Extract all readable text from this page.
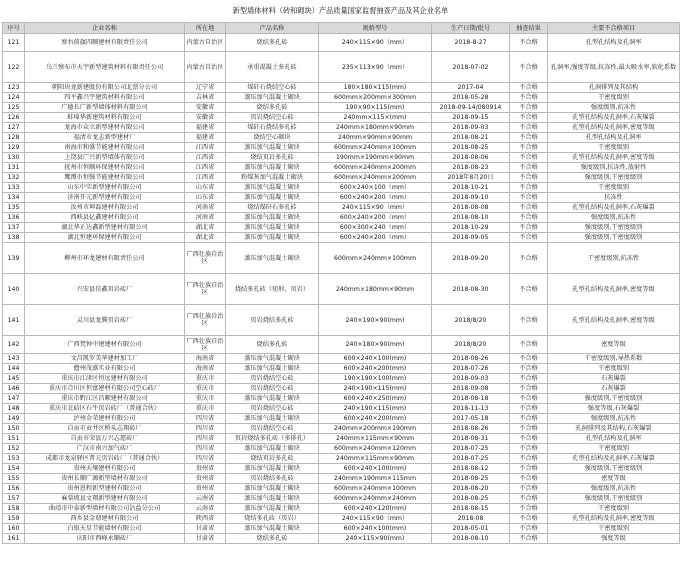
新型墙体材料（砖和砌块）产品质量国家监督抽查产品及其企业名单
序号	企业名称	所在地	产品名称	规格型号	生产日期/批号	抽查结果	主要不合格项目
121	察右前旗四顺建材有限责任公司	内蒙古自治区	烧结多孔砖	240×115×90（mm）	2018-8-27	不合格	孔型孔结构及孔洞率
122	乌兰察布市天宇新型建筑材料有限责任公司	内蒙古自治区	承重混凝土多孔砖	235×113×90（mm）	2018-07-02	不合格	孔洞率,强度等级,抗冻性,最大吸水率,软化系数
123	朝阳块龙新建股份有限公司北票分公司	辽宁省	煤矸石烧结空心砖	180×180×115(mm)	2017-04	不合格	孔洞排列及其结构
124	四平鑫兴宇建筑材料有限公司	吉林省	蒸压加气混凝土砌块	600mm×200mm×300mm	2018-05-28	不合格	干密度级别
125	广德长广新型墙体材料有限公司	安徽省	烧结多孔砖	190×90×115(mm)	2018-09-14/080914	不合格	强度级别,抗冻性
126	蚌埠华新建筑材料有限公司	安徽省	页岩烧结空心砖	240mm×115×(mm)	2018-09-15	不合格	孔型孔结构及孔洞率,石灰爆裂
127	龙海市众立新型建材有限公司	福建省	煤矸石烧结多孔砖	240mm×180mm×90mm	2018-09-03	不合格	孔型孔结构及孔洞率,密度等级
128	福清市龙志新型建材厂	福建省	烧结空心砌块	240mm×90mm×90mm	2018-08-21	不合格	孔型孔结构及孔洞率
129	南海市和盛节能建材有限公司	江西省	蒸压加气混凝土砌块	600mm×240mm×100mm	2018-08-25	不合格	干密度级别
130	上饶县广兴新型墙体有限公司	江西省	烧结页岩多孔砖	190mm×190mm×90mm	2018-08-06	不合格	孔型孔结构及孔洞率,密度等级
131	抚州市恒顺环保建材有限公司	江西省	蒸压加气混凝土砌块	600mm×240mm×200mm	2018-08-23	不合格	强度级别,抗冻性,放射性
132	鹰潭市恒强节能建材有限公司	江西省	粉煤灰加气混凝土砌块	600mm×240mm×200mm	2018年8月20日	不合格	强度级别,干密度级别
133	山东中实新型建材有限公司	山东省	蒸压加气混凝土砌块	600×240×100（mm）	2018-10-21	不合格	干密度级别
134	济南开元新型建材有限公司	山东省	蒸压加气混凝土砌块	600×240×200（mm）	2018-09-10	不合格	抗冻性
135	汝州市坤磊建材有限公司	河南省	烧结煤矸石多孔砖	240×115×90（mm）	2018-08-08	不合格	孔型孔结构及孔洞率,石灰爆裂
136	西峡县亿鑫建材有限公司	河南省	蒸压加气混凝土砌块	600×240×200（mm）	2018-08-10	不合格	强度级别,抗冻性
137	湖北华正达鑫新型建材有限公司	湖北省	蒸压加气混凝土砌块	600×300×240（mm）	2018-10-29	不合格	强度级别,干密度级别
138	湖北恒建环保建材有限公司	湖北省	蒸压加气混凝土砌块	600×240×200（mm）	2018-09-05	不合格	强度级别,干密度级别
139	柳州市环龙建材有限责任公司	广西壮族自治区	蒸压加气混凝土砌块	600mm×240mm×100mm	2018-09-20	不合格	干密度级别,抗冻性
140	兴安县佳鑫页岩砖厂	广西壮族自治区	烧结多孔砖（矩形、页岩）	240mm×180mm×90mm	2018-08-30	不合格	孔型孔结构及孔洞率,密度等级
141	灵川县龙腾页岩砖厂	广西壮族自治区	页岩烧结多孔砖	240×190×90(mm)	2018/8/20	不合格	孔型孔结构及孔洞率,密度等级
142	广西梵钟中建建材有限公司	广西壮族自治区	烧结多孔砖	240×180×90(mm)	2018/8/20	不合格	密度等级
143	文昌凯罗美华建材加工厂	海南省	蒸压加气混凝土砌块	600×240×100(mm)	2018-08-26	不合格	干密度级别,导热系数
144	儋州茂盛实业有限公司	海南省	蒸压加气混凝土砌块	600×240×200(mm)	2018-07-26	不合格	干密度级别
145	重庆市江津区恒远建材有限公司	重庆市	页岩烧结空心砖	190×190×100(mm)	2018-09-03	不合格	石灰爆裂
146	重庆市合川区恒富建材有限公司空心砖厂	重庆市	页岩烧结空心砖	240×190×115(mm)	2018-09-08	不合格	石灰爆裂
147	重庆市黔江区昌顺建材有限公司	重庆市	蒸压加气混凝土砌块	600×240×250(mm)	2018-08-18	不合格	强度级别,干密度级别
148	重庆市北碚区石牛页岩砖厂（普通合伙）	重庆市	页岩烧结空心砖	240×190×115(mm)	2018-11-13	不合格	强度等级,石灰爆裂
149	泸州金荣建材有限公司	四川省	蒸压加气混凝土砌块	600×240×200(mm)	2017-05-18	不合格	强度级别,抗冻性
150	自贡市贡井区桥头志翔砖厂	四川省	页岩烧结空心砖	240mm×200mm×190mm	2018-08-26	不合格	孔洞排列及其结构,石灰爆裂
151	自贡市荣县万兴志愿砖厂	四川省	页岩烧结多孔砖（多排孔）	240mm×115mm×90mm	2018-08-31	不合格	孔型孔结构及孔洞率
152	广汉市南兴加气砖厂	四川省	蒸压加气混凝土砌块	600mm×240mm×120mm	2018-07-25	不合格	干密度级别
153	成都市龙泉驿区普元页岩砖厂（普通合伙）	四川省	烧结页岩多孔砖	240mm×115mm×90mm	2018-07-25	不合格	孔型孔结构及孔洞率,石灰爆裂
154	贵州天壤建材有限公司	贵州省	蒸压加气混凝土砌块	600×240×100(mm)	2018-08-12	不合格	强度级别,干密度级别
155	贵州长顺广源新型墙材有限公司	贵州省	页岩烧结多孔砖	240mm×190mm×115mm	2018-08-25	不合格	密度等级
156	贵州恩程新型建材有限公司	贵州省	蒸压加气混凝土砌块	600mm×240mm×100mm	2018-08-20	不合格	强度级别,抗冻性
157	麻栗坡县文翔新型建材有限公司	云南省	蒸压加气混凝土砌块	600mm×240mm×240mm	2018-08-25	不合格	强度级别,干密度级别
158	曲靖市中泰新型墙材有限公司沾益分公司	云南省	蒸压加气混凝土砌块	600×240×120(mm)	2018-08-15	不合格	干密度级别
159	西乡县金鼎建材有限公司	陕西省	烧结多孔砖（页岩）	240×115×90（mm）	2018-08	不合格	孔型孔结构及孔洞率,密度等级
160	白银天星节能墙材有限公司	甘肃省	蒸压加气混凝土砌块	600×240×100(mm)	2018-05-01	不合格	干密度级别
161	庆阳市西峰永顺砖厂	甘肃省	烧结多孔砖	240×115×90(mm)	2018-08-10	不合格	强度等级
